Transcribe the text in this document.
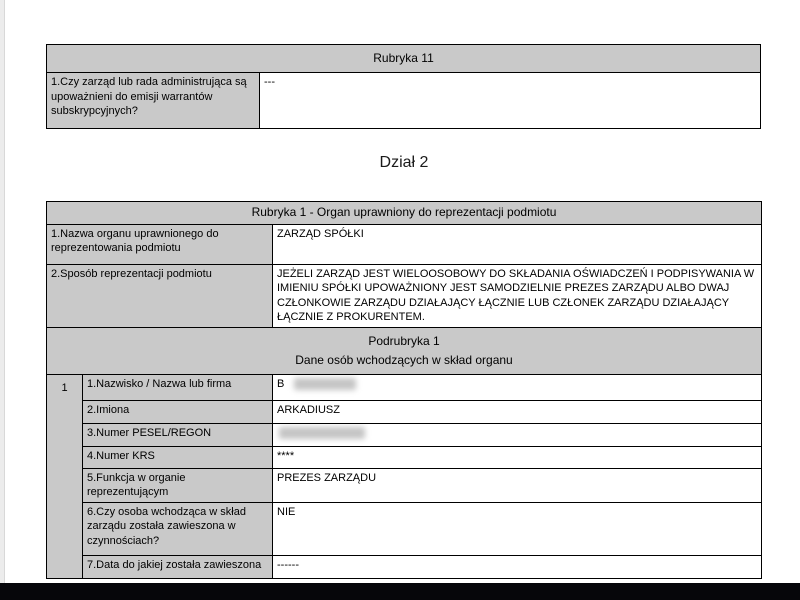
Rubryka 11
1.Czy zarząd lub rada administrująca są upoważnieni do emisji warrantów subskrypcyjnych?	---
Dział 2
Rubryka 1 - Organ uprawniony do reprezentacji podmiotu		
1.Nazwa organu uprawnionego do reprezentowania podmiotu		ZARZĄD SPÓŁKI
2.Sposób reprezentacji podmiotu		JEŻELI ZARZĄD JEST WIELOOSOBOWY DO SKŁADANIA OŚWIADCZEŃ I PODPISYWANIA W IMIENIU SPÓŁKI UPOWAŻNIONY JEST SAMODZIELNIE PREZES ZARZĄDU ALBO DWAJ CZŁONKOWIE ZARZĄDU DZIAŁAJĄCY ŁĄCZNIE LUB CZŁONEK ZARZĄDU DZIAŁAJĄCY ŁĄCZNIE Z PROKURENTEM.

Podrubryka 1
Dane osób wchodzących w skład organu		

1	1.Nazwisko / Nazwa lub firma	B

	2.Imiona	ARKADIUSZ
	3.Numer PESEL/REGON	
	4.Numer KRS	****
	5.Funkcja w organie reprezentującym	PREZES ZARZĄDU
	6.Czy osoba wchodząca w skład zarządu została zawieszona w czynnościach?	NIE
	7.Data do jakiej została zawieszona	------
